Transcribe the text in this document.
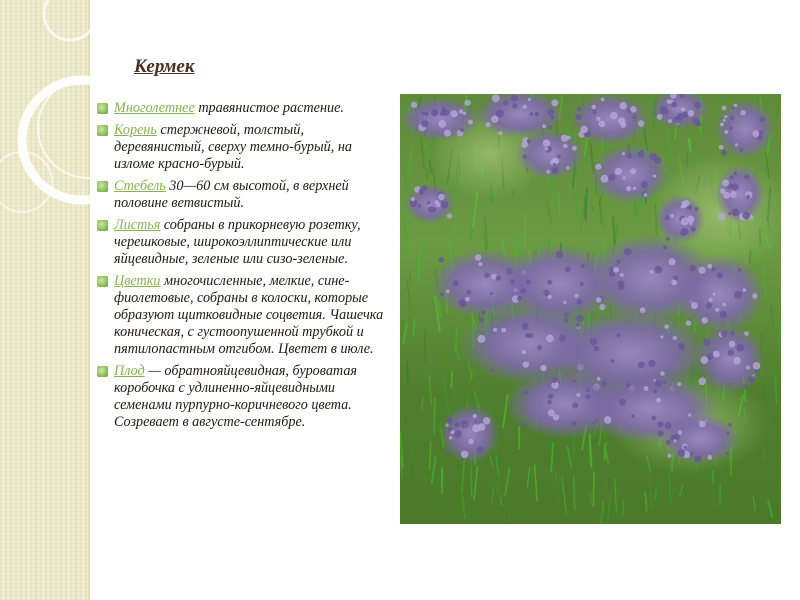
Кермек
Многолетнее травянистое растение.
Корень стержневой, толстый, деревянистый, сверху темно-бурый, на изломе красно-бурый.
Стебель 30—60 см высотой, в верхней половине ветвистый.
Листья собраны в прикорневую розетку, черешковые, широкоэллиптические или яйцевидные, зеленые или сизо-зеленые.
Цветки многочисленные, мелкие, сине-фиолетовые, собраны в колоски, которые образуют щитковидные соцветия. Чашечка коническая, с густоопушенной трубкой и пятилопастным отгибом. Цветет в июле.
Плод — обратнояйцевидная, буроватая коробочка с удлиненно-яйцевидными семенами пурпурно-коричневого цвета. Созревает в августе-сентябре.
